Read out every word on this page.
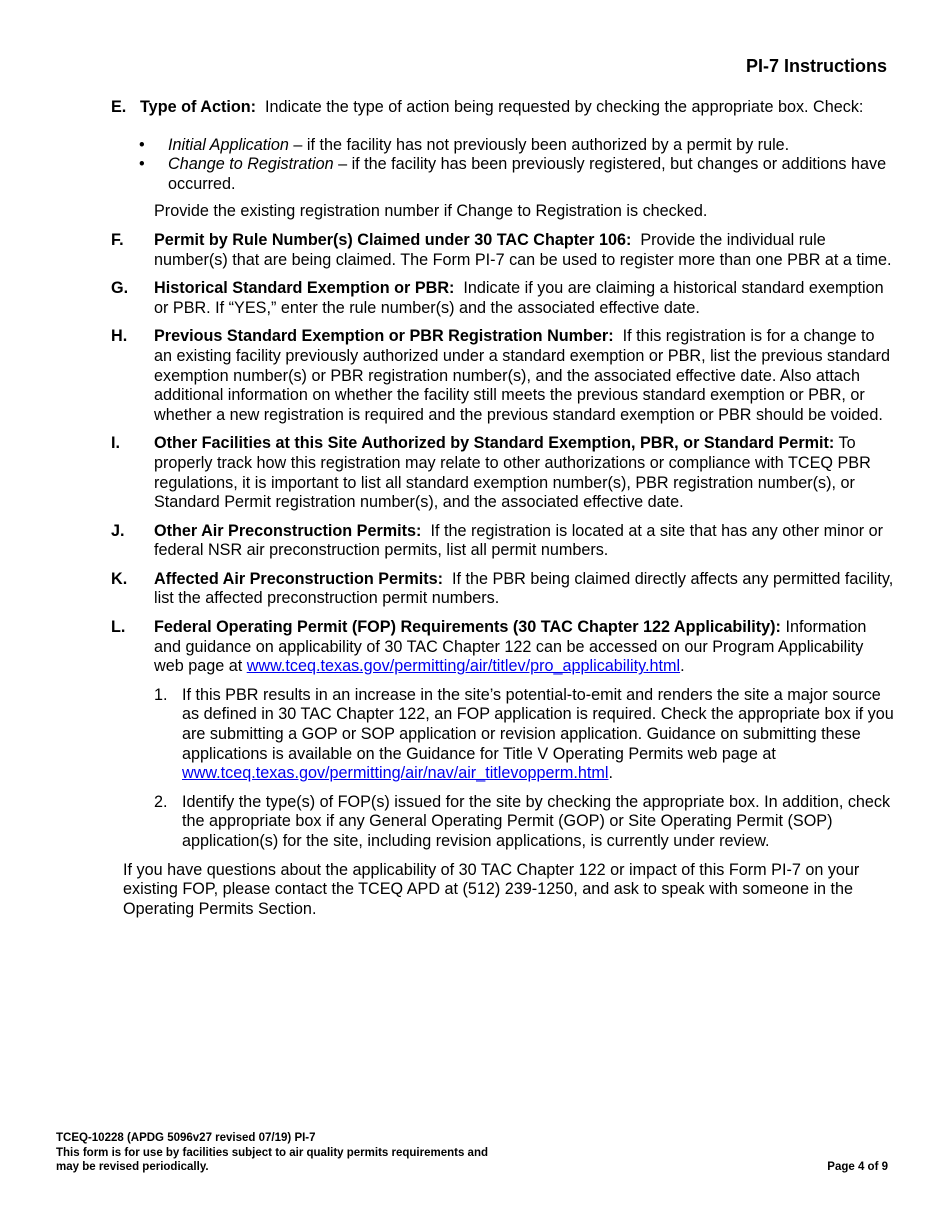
PI-7 Instructions
E. Type of Action: Indicate the type of action being requested by checking the appropriate box. Check:
• Initial Application – if the facility has not previously been authorized by a permit by rule.
• Change to Registration – if the facility has been previously registered, but changes or additions have occurred.
Provide the existing registration number if Change to Registration is checked.
F. Permit by Rule Number(s) Claimed under 30 TAC Chapter 106: Provide the individual rule number(s) that are being claimed. The Form PI-7 can be used to register more than one PBR at a time.
G. Historical Standard Exemption or PBR: Indicate if you are claiming a historical standard exemption or PBR. If “YES,” enter the rule number(s) and the associated effective date.
H. Previous Standard Exemption or PBR Registration Number: If this registration is for a change to an existing facility previously authorized under a standard exemption or PBR, list the previous standard exemption number(s) or PBR registration number(s), and the associated effective date. Also attach additional information on whether the facility still meets the previous standard exemption or PBR, or whether a new registration is required and the previous standard exemption or PBR should be voided.
I. Other Facilities at this Site Authorized by Standard Exemption, PBR, or Standard Permit: To properly track how this registration may relate to other authorizations or compliance with TCEQ PBR regulations, it is important to list all standard exemption number(s), PBR registration number(s), or Standard Permit registration number(s), and the associated effective date.
J. Other Air Preconstruction Permits: If the registration is located at a site that has any other minor or federal NSR air preconstruction permits, list all permit numbers.
K. Affected Air Preconstruction Permits: If the PBR being claimed directly affects any permitted facility, list the affected preconstruction permit numbers.
L. Federal Operating Permit (FOP) Requirements (30 TAC Chapter 122 Applicability): Information and guidance on applicability of 30 TAC Chapter 122 can be accessed on our Program Applicability web page at www.tceq.texas.gov/permitting/air/titlev/pro_applicability.html.
1. If this PBR results in an increase in the site’s potential-to-emit and renders the site a major source as defined in 30 TAC Chapter 122, an FOP application is required. Check the appropriate box if you are submitting a GOP or SOP application or revision application. Guidance on submitting these applications is available on the Guidance for Title V Operating Permits web page at www.tceq.texas.gov/permitting/air/nav/air_titlevopperm.html.
2. Identify the type(s) of FOP(s) issued for the site by checking the appropriate box. In addition, check the appropriate box if any General Operating Permit (GOP) or Site Operating Permit (SOP) application(s) for the site, including revision applications, is currently under review.
If you have questions about the applicability of 30 TAC Chapter 122 or impact of this Form PI-7 on your existing FOP, please contact the TCEQ APD at (512) 239-1250, and ask to speak with someone in the Operating Permits Section.
TCEQ-10228 (APDG 5096v27 revised 07/19) PI-7
This form is for use by facilities subject to air quality permits requirements and
may be revised periodically.	Page 4 of 9
